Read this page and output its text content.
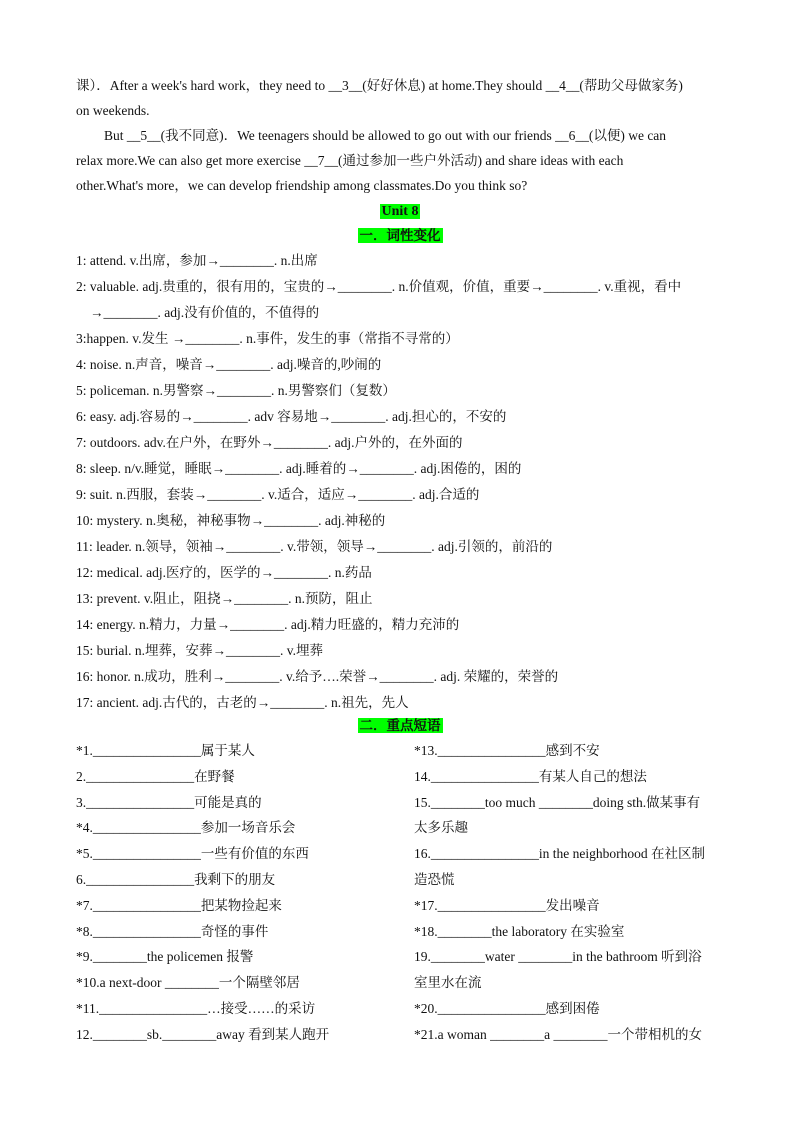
课）．After a week's hard work，they need to __3__(好好休息) at home.They should __4__(帮助父母做家务)
on weekends.
But __5__(我不同意)．We teenagers should be allowed to go out with our friends __6__(以便) we can
relax more.We can also get more exercise __7__(通过参加一些户外活动) and share ideas with each
other.What's more，we can develop friendship among classmates.Do you think so?
Unit 8
一．词性变化
1: attend. v.出席，参加→________. n.出席
2: valuable. adj.贵重的，很有用的，宝贵的→________. n.价值观，价值，重要→________. v.重视，看中
→________. adj.没有价值的，不值得的
3:happen. v.发生 →________. n.事件，发生的事（常指不寻常的）
4: noise. n.声音，噪音→________. adj.噪音的,吵闹的
5: policeman. n.男警察→________. n.男警察们（复数）
6: easy. adj.容易的→________. adv 容易地→________. adj.担心的，不安的
7: outdoors. adv.在户外，在野外→________. adj.户外的，在外面的
8: sleep. n/v.睡觉，睡眠→________. adj.睡着的→________. adj.困倦的，困的
9: suit. n.西服，套装→________. v.适合，适应→________. adj.合适的
10: mystery. n.奥秘，神秘事物→________. adj.神秘的
11: leader. n.领导，领袖→________. v.带领，领导→________. adj.引领的，前沿的
12: medical. adj.医疗的，医学的→________. n.药品
13: prevent. v.阻止，阻挠→________. n.预防，阻止
14: energy. n.精力，力量→________. adj.精力旺盛的，精力充沛的
15: burial. n.埋葬，安葬→________. v.埋葬
16: honor. n.成功，胜利→________. v.给予….荣誉→________. adj. 荣耀的，荣誉的
17: ancient. adj.古代的，古老的→________. n.祖先，先人
二．重点短语
*1.________________属于某人
2.________________在野餐
3.________________可能是真的
*4.________________参加一场音乐会
*5.________________一些有价值的东西
6.________________我剩下的朋友
*7.________________把某物捡起来
*8.________________奇怪的事件
*9.________the policemen 报警
*10.a next-door ________一个隔壁邻居
*11.________________…接受……的采访
12.________sb.________away 看到某人跑开
*13.________________感到不安
14.________________有某人自己的想法
15.________too much ________doing sth.做某事有
太多乐趣
16.________________in the neighborhood 在社区制
造恐慌
*17.________________发出噪音
*18.________the laboratory 在实验室
19.________water ________in the bathroom 听到浴
室里水在流
*20.________________感到困倦
*21.a woman ________a ________一个带相机的女
